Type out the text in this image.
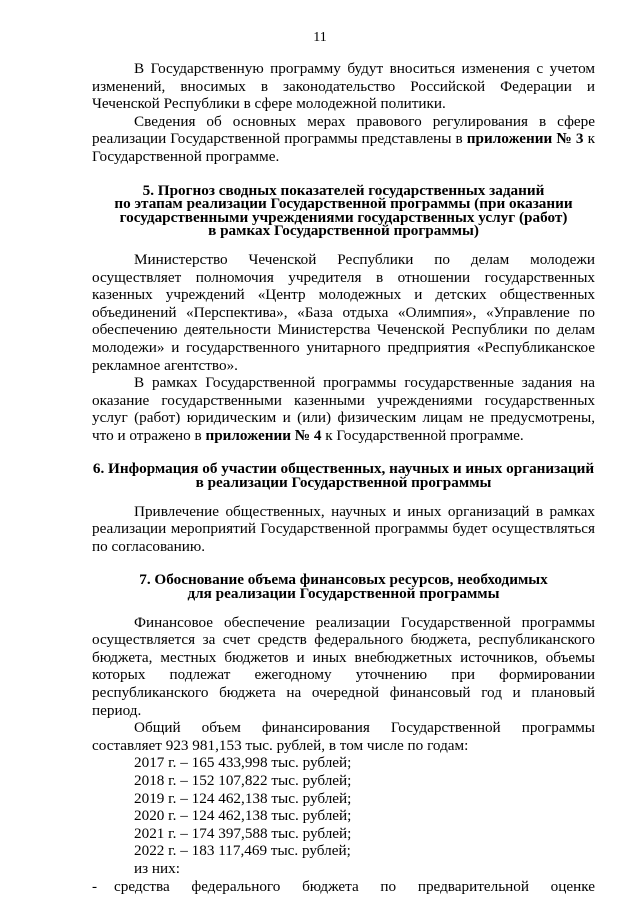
11

В Государственную программу будут вноситься изменения с учетом изменений, вносимых в законодательство Российской Федерации и Чеченской Республики в сфере молодежной политики.

Сведения об основных мерах правового регулирования в сфере реализации Государственной программы представлены в приложении № 3 к Государственной программе.

5. Прогноз сводных показателей государственных заданий
по этапам реализации Государственной программы (при оказании
государственными учреждениями государственных услуг (работ)
в рамках Государственной программы)

Министерство Чеченской Республики по делам молодежи осуществляет полномочия учредителя в отношении государственных казенных учреждений «Центр молодежных и детских общественных объединений «Перспектива», «База отдыха «Олимпия», «Управление по обеспечению деятельности Министерства Чеченской Республики по делам молодежи» и государственного унитарного предприятия «Республиканское рекламное агентство».

В рамках Государственной программы государственные задания на оказание государственными казенными учреждениями государственных услуг (работ) юридическим и (или) физическим лицам не предусмотрены, что и отражено в приложении № 4 к Государственной программе.

6. Информация об участии общественных, научных и иных организаций
в реализации Государственной программы

Привлечение общественных, научных и иных организаций в рамках реализации мероприятий Государственной программы будет осуществляться по согласованию.

7. Обоснование объема финансовых ресурсов, необходимых
для реализации Государственной программы

Финансовое обеспечение реализации Государственной программы осуществляется за счет средств федерального бюджета, республиканского бюджета, местных бюджетов и иных внебюджетных источников, объемы которых подлежат ежегодному уточнению при формировании республиканского бюджета на очередной финансовый год и плановый период.

Общий объем финансирования Государственной программы составляет 923 981,153 тыс. рублей, в том числе по годам:

2017 г. – 165 433,998 тыс. рублей;
2018 г. – 152 107,822 тыс. рублей;
2019 г. – 124 462,138 тыс. рублей;
2020 г. – 124 462,138 тыс. рублей;
2021 г. – 174 397,588 тыс. рублей;
2022 г. – 183 117,469 тыс. рублей;
из них:
-	средства федерального бюджета по предварительной оценке
